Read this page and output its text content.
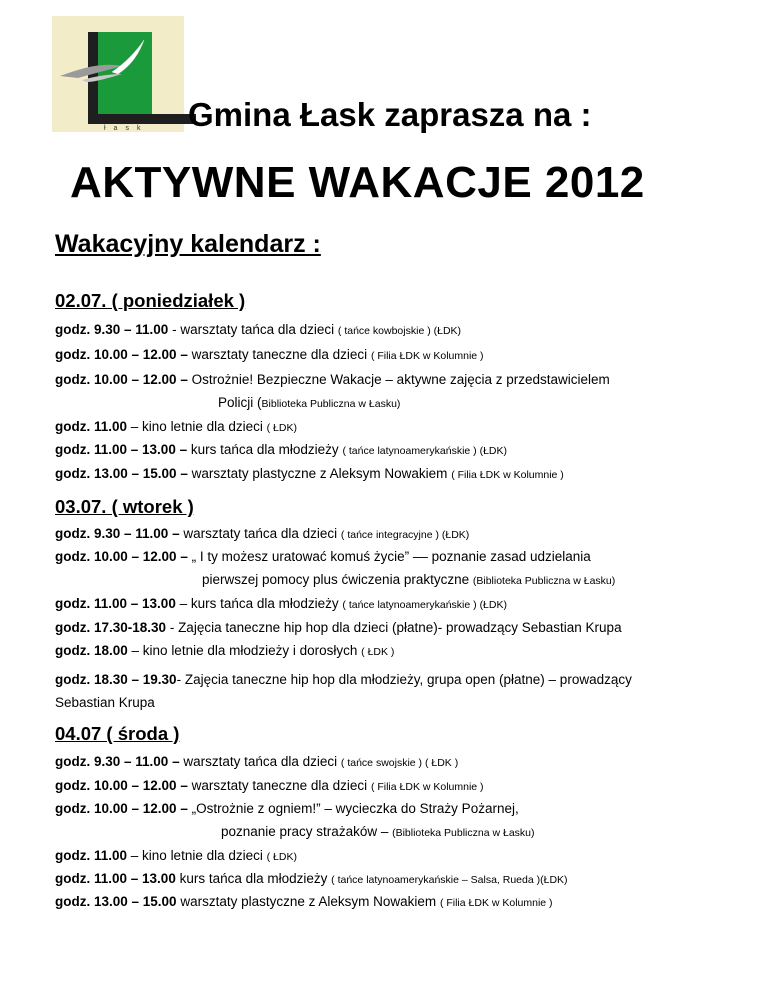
łask Gmina Łask zaprasza na :
AKTYWNE WAKACJE 2012
Wakacyjny kalendarz :
02.07. ( poniedziałek )
godz. 9.30 – 11.00 - warsztaty tańca dla dzieci ( tańce kowbojskie ) (ŁDK)
godz. 10.00 – 12.00 – warsztaty taneczne dla dzieci ( Filia ŁDK w Kolumnie )
godz. 10.00 – 12.00 – Ostrożnie! Bezpieczne Wakacje – aktywne zajęcia z przedstawicielem
Policji (Biblioteka Publiczna w Łasku)
godz. 11.00 – kino letnie dla dzieci ( ŁDK)
godz. 11.00 – 13.00 – kurs tańca dla młodzieży ( tańce latynoamerykańskie ) (ŁDK)
godz. 13.00 – 15.00 – warsztaty plastyczne z Aleksym Nowakiem ( Filia ŁDK w Kolumnie )
03.07. ( wtorek )
godz. 9.30 – 11.00 – warsztaty tańca dla dzieci ( tańce integracyjne ) (ŁDK)
godz. 10.00 – 12.00 – „ I ty możesz uratować komuś życie” –– poznanie zasad udzielania
pierwszej pomocy plus ćwiczenia praktyczne (Biblioteka Publiczna w Łasku)
godz. 11.00 – 13.00 – kurs tańca dla młodzieży ( tańce latynoamerykańskie ) (ŁDK)
godz. 17.30-18.30 - Zajęcia taneczne hip hop dla dzieci (płatne)- prowadzący Sebastian Krupa
godz. 18.00 – kino letnie dla młodzieży i dorosłych ( ŁDK )
godz. 18.30 – 19.30- Zajęcia taneczne hip hop dla młodzieży, grupa open (płatne) – prowadzący
Sebastian Krupa
04.07 ( środa )
godz. 9.30 – 11.00 – warsztaty tańca dla dzieci ( tańce swojskie ) ( ŁDK )
godz. 10.00 – 12.00 – warsztaty taneczne dla dzieci ( Filia ŁDK w Kolumnie )
godz. 10.00 – 12.00 – „Ostrożnie z ogniem!” – wycieczka do Straży Pożarnej,
poznanie pracy strażaków – (Biblioteka Publiczna w Łasku)
godz. 11.00 – kino letnie dla dzieci ( ŁDK)
godz. 11.00 – 13.00 kurs tańca dla młodzieży ( tańce latynoamerykańskie – Salsa, Rueda )(ŁDK)
godz. 13.00 – 15.00 warsztaty plastyczne z Aleksym Nowakiem ( Filia ŁDK w Kolumnie )
